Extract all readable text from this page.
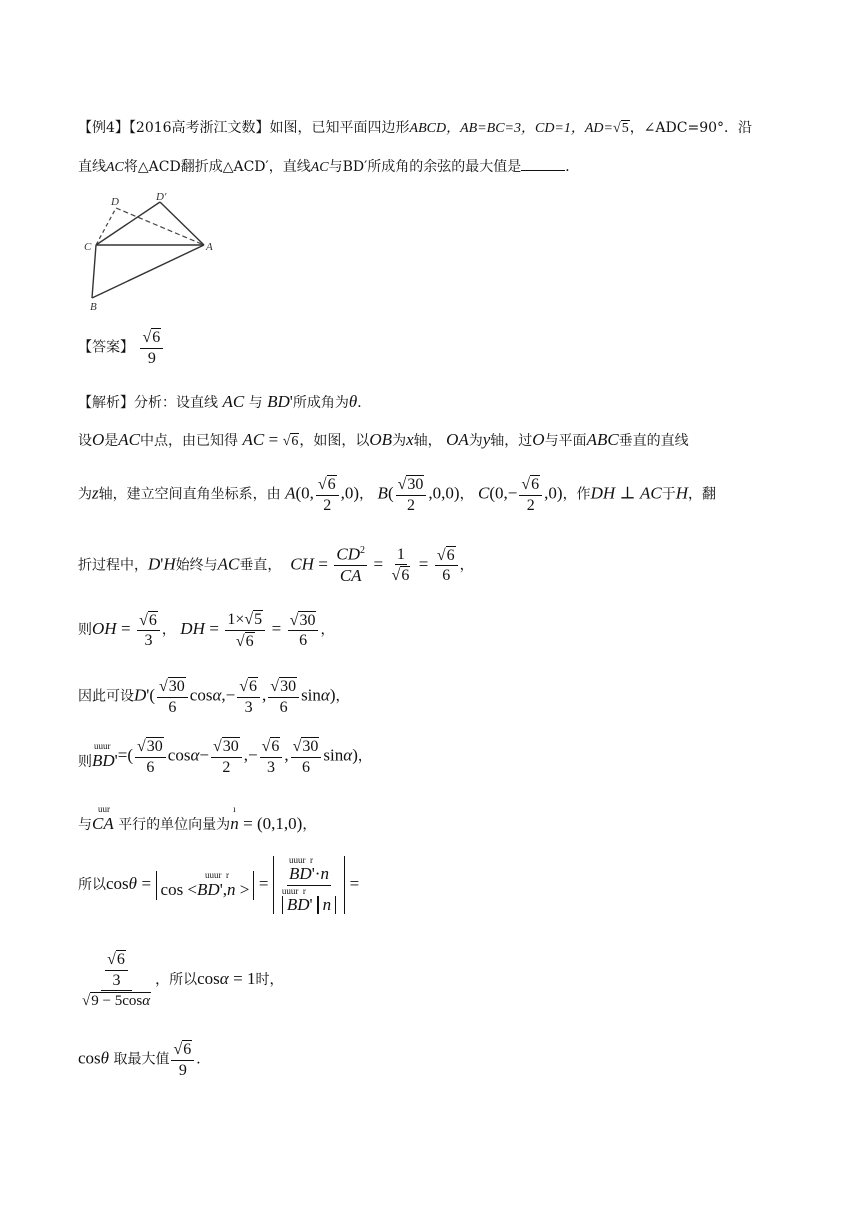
【例4】【2016高考浙江文数】如图，已知平面四边形ABCD，AB=BC=3，CD=1，AD=√5，∠ADC=90°．沿
直线AC将△ACD翻折成△ACD′，直线AC与BD′所成角的余弦的最大值是	．
D	D′
C	A
B
【答案】 $\frac{√6}{9}$
【解析】分析：设直线 AC 与 BD'所成角为θ．
设O是AC中点，由已知得 AC = √6，如图，以OB为x轴， OA为y轴，过O与平面ABC垂直的直线
为z轴，建立空间直角坐标系，由 A(0, $\frac{√6}{2} ,0$)， $B( \frac{√30}{2} ,0,0)$， $C(0,- \frac{√6}{2} ,0)$，作DH ⊥ AC于H，翻
折过程中，D'H始终与AC垂直， CH = $\frac{CD^2}{CA} = \frac{1}{√6} = \frac{√6}{6}$ ，
则OH = $\frac{√6}{3}$ ， DH = $\frac{1\times√5}{√6} = \frac{√30}{6}$ ，
因此可设$D'( \frac{√30}{6} \cos\alpha,- \frac{√6}{3}$ , $\frac{√30}{6} \sin\alpha$)，
uuur
则$BD'=( \frac{√30}{6} \cos\alpha- \frac{√30}{2}$ ,− $\frac{√6}{3}$ , $\frac{√30}{6} \sin\alpha$)，
uur
与CA 平行的单位向量为
ı
n = (0,1,0)，
所以cosθ = cos <
uuur  r
BD',n > = uuur  r
BD'·n
uuur  r
BD' n =
$\frac{\frac{√6}{3}}{√9 - 5\cos\alpha}$ ，所以cosα = 1时，
cosθ 取最大值 $\frac{√6}{9}$ ．
